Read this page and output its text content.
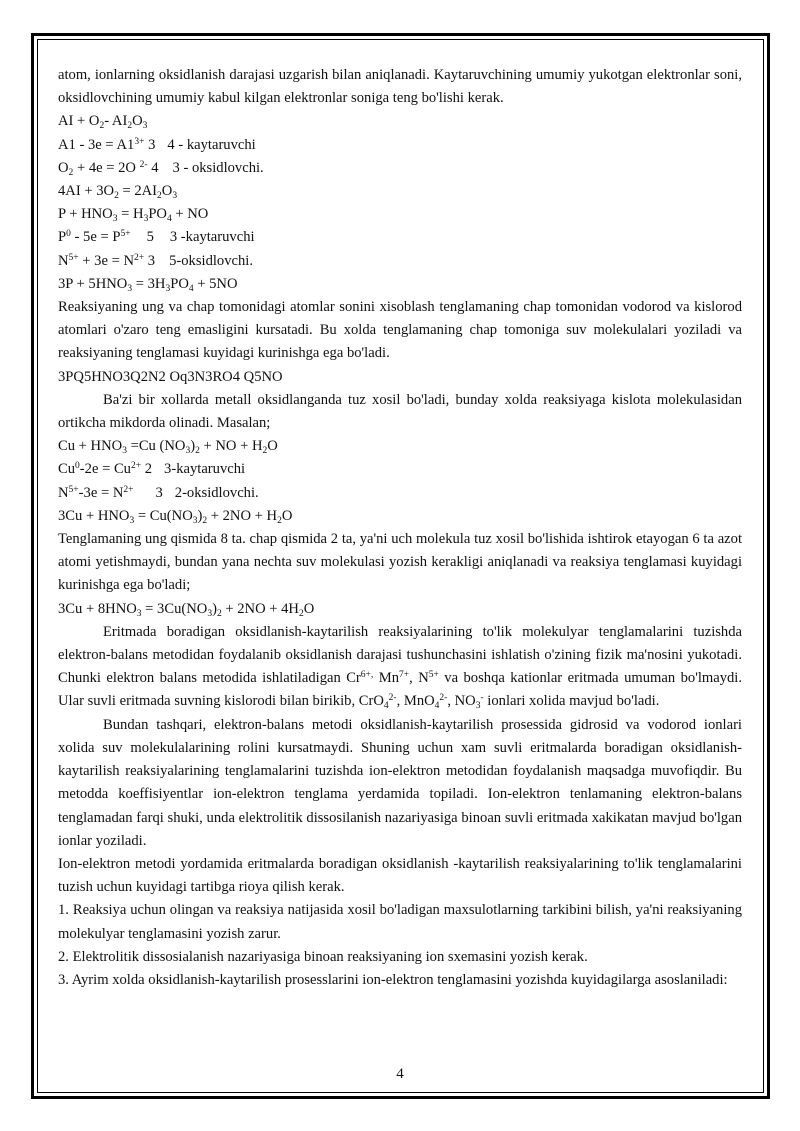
atom, ionlarning oksidlanish darajasi uzgarish bilan aniqlanadi. Kaytaruvchining umumiy yukotgan elektronlar soni, oksidlovchining umumiy kabul kilgan elektronlar soniga teng bo'lishi kerak.

AI + $O_2-$ $AI_2O_3$

$A1 - 3e = A1^{3+}$ 3 4 - kaytaruvchi

$O_2 + 4e = 2O$ $^{2-}$ 4 3 - oksidlovchi.

$4AI + 3O_2 = 2AI_2O_3$

$P + HNO_3 = H_3PO_4$ + NO

$P^0 - 5e = P^{5+}$ 5 3 -kaytaruvchi

$N^{5+} + 3e = N^{2+}$ 3 5-oksidlovchi.

$3P + 5HNO_3 = 3H_3PO_4 + 5NO$

Reaksiyaning ung va chap tomonidagi atomlar sonini xisoblash tenglamaning chap tomonidan vodorod va kislorod atomlari o'zaro teng emasligini kursatadi. Bu xolda tenglamaning chap tomoniga suv molekulalari yoziladi va reaksiyaning tenglamasi kuyidagi kurinishga ega bo'ladi.

3PQ5HNO3Q2N2 Oq3N3RO4 Q5NO

Ba'zi bir xollarda metall oksidlanganda tuz xosil bo'ladi, bunday xolda reaksiyaga kislota molekulasidan ortikcha mikdorda olinadi. Masalan;

$Cu + HNO_3 =Cu$ $(NO_3)_2$ + NO + $H_2O$

$Cu^0-2e = Cu^{2+}$ 2 3-kaytaruvchi

$N^{5+}-3e = N^{2+}$ 3 2-oksidlovchi.

$3Cu + HNO_3 = Cu(NO_3)_2 + 2NO + H_2O$

Tenglamaning ung qismida 8 ta. chap qismida 2 ta, ya'ni uch molekula tuz xosil bo'lishida ishtirok etayogan 6 ta azot atomi yetishmaydi, bundan yana nechta suv molekulasi yozish kerakligi aniqlanadi va reaksiya tenglamasi kuyidagi kurinishga ega bo'ladi;

$3Cu + 8HNO_3 = 3Cu(NO_3)_2 + 2NO + 4H_2O$

Eritmada boradigan oksidlanish-kaytarilish reaksiyalarining to'lik molekulyar tenglamalarini tuzishda elektron-balans metodidan foydalanib oksidlanish darajasi tushunchasini ishlatish o'zining fizik ma'nosini yukotadi. Chunki elektron balans metodida ishlatiladigan $Cr^{6+,}$ $Mn^{7+}$, $N^{5+}$ va boshqa kationlar eritmada umuman bo'lmaydi. Ular suvli eritmada suvning kislorodi bilan birikib, CrO$_4^{2-}$, MnO$_4^{2-}$, $NO_3^-$ ionlari xolida mavjud bo'ladi.

Bundan tashqari, elektron-balans metodi oksidlanish-kaytarilish prosessida gidrosid va vodorod ionlari xolida suv molekulalarining rolini kursatmaydi. Shuning uchun xam suvli eritmalarda boradigan oksidlanish-kaytarilish reaksiyalarining tenglamalarini tuzishda ion-elektron metodidan foydalanish maqsadga muvofiqdir. Bu metodda koeffisiyentlar ion-elektron tenglama yerdamida topiladi. Ion-elektron tenlamaning elektron-balans tenglamadan farqi shuki, unda elektrolitik dissosilanish nazariyasiga binoan suvli eritmada xakikatan mavjud bo'lgan ionlar yoziladi.

Ion-elektron metodi yordamida eritmalarda boradigan oksidlanish -kaytarilish reaksiyalarining to'lik tenglamalarini tuzish uchun kuyidagi tartibga rioya qilish kerak.

1. Reaksiya uchun olingan va reaksiya natijasida xosil bo'ladigan maxsulotlarning tarkibini bilish, ya'ni reaksiyaning molekulyar tenglamasini yozish zarur.

2. Elektrolitik dissosialanish nazariyasiga binoan reaksiyaning ion sxemasini yozish kerak.

3. Ayrim xolda oksidlanish-kaytarilish prosesslarini ion-elektron tenglamasini yozishda kuyidagilarga asoslaniladi:

4
